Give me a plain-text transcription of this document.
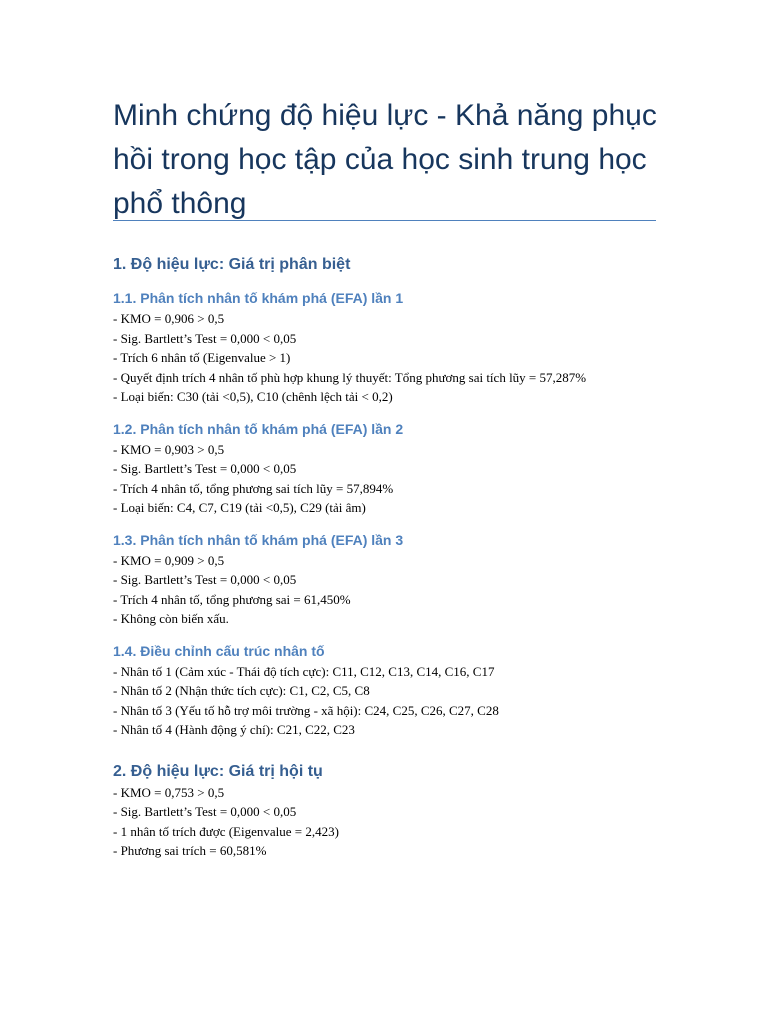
Minh chứng độ hiệu lực - Khả năng phục hồi trong học tập của học sinh trung học phổ thông
1. Độ hiệu lực: Giá trị phân biệt
1.1. Phân tích nhân tố khám phá (EFA) lần 1

- KMO = 0,906 > 0,5

- Sig. Bartlett’s Test = 0,000 < 0,05

- Trích 6 nhân tố (Eigenvalue > 1)

- Quyết định trích 4 nhân tố phù hợp khung lý thuyết: Tổng phương sai tích lũy = 57,287%

- Loại biến: C30 (tải <0,5), C10 (chênh lệch tải < 0,2)

1.2. Phân tích nhân tố khám phá (EFA) lần 2

- KMO = 0,903 > 0,5

- Sig. Bartlett’s Test = 0,000 < 0,05

- Trích 4 nhân tố, tổng phương sai tích lũy = 57,894%

- Loại biến: C4, C7, C19 (tải <0,5), C29 (tải âm)

1.3. Phân tích nhân tố khám phá (EFA) lần 3

- KMO = 0,909 > 0,5

- Sig. Bartlett’s Test = 0,000 < 0,05

- Trích 4 nhân tố, tổng phương sai = 61,450%

- Không còn biến xấu.

1.4. Điều chỉnh cấu trúc nhân tố

- Nhân tố 1 (Cảm xúc - Thái độ tích cực): C11, C12, C13, C14, C16, C17

- Nhân tố 2 (Nhận thức tích cực): C1, C2, C5, C8

- Nhân tố 3 (Yếu tố hỗ trợ môi trường - xã hội): C24, C25, C26, C27, C28

- Nhân tố 4 (Hành động ý chí): C21, C22, C23

2. Độ hiệu lực: Giá trị hội tụ

- KMO = 0,753 > 0,5

- Sig. Bartlett’s Test = 0,000 < 0,05

- 1 nhân tố trích được (Eigenvalue = 2,423)

- Phương sai trích = 60,581%
